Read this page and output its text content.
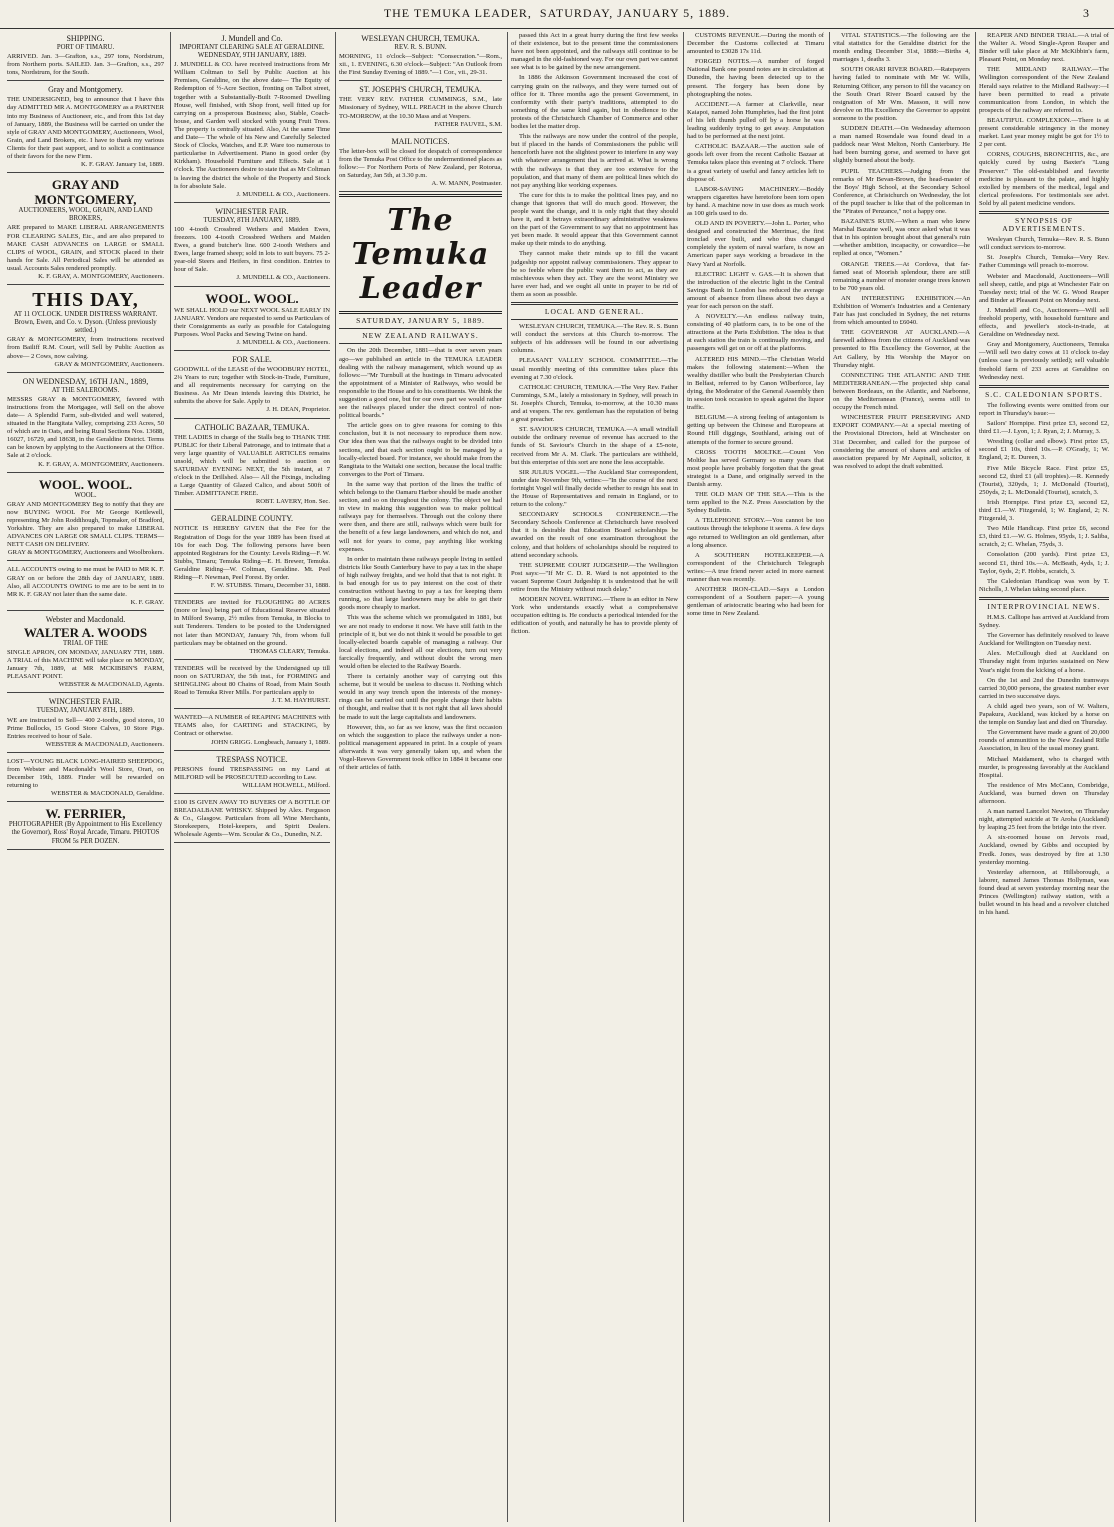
THE TEMUKA LEADER, SATURDAY, JANUARY 5, 1889.	3
SHIPPING.
PORT OF TIMARU.
ARRIVED. Jan. 3—Grafton, s.s., 297 tons, Nordstrum, from Northern ports. SAILED. Jan. 3—Grafton, s.s., 297 tons, Nordstrum, for the South.
Gray and Montgomery.
THE UNDERSIGNED, beg to announce that I have this day ADMITTED MR A. MONTGOMERY as a PARTNER into my Business of Auctioneer, etc., and from this 1st day of January, 1889, the Business will be carried on under the style of GRAY AND MONTGOMERY, Auctioneers, Wool, Grain, and Land Brokers, etc. I have to thank my various Clients for their past support, and to solicit a continuance of their favors for the new Firm.
K. F. GRAY. January 1st, 1889.
GRAY AND MONTGOMERY,
AUCTIONEERS, WOOL, GRAIN, AND LAND BROKERS,
ARE prepared to MAKE LIBERAL ARRANGEMENTS FOR CLEARING SALES, Etc., and are also prepared to MAKE CASH ADVANCES on LARGE or SMALL CLIPS of WOOL, GRAIN, and STOCK placed in their hands for Sale. All Periodical Sales will be attended as usual. Accounts Sales rendered promptly.
K. F. GRAY, A. MONTGOMERY, Auctioneers.
THIS DAY,
AT 11 O'CLOCK. UNDER DISTRESS WARRANT. Brown, Ewen, and Co. v. Dyson. (Unless previously settled.)
GRAY & MONTGOMERY, from instructions received from Bailiff R.M. Court, will Sell by Public Auction as above— 2 Cows, now calving.
GRAY & MONTGOMERY, Auctioneers.
ON WEDNESDAY, 16TH JAN., 1889,
AT THE SALEROOMS.
MESSRS GRAY & MONTGOMERY, favored with instructions from the Mortgagee, will Sell on the above date— A Splendid Farm, sub-divided and well watered, situated in the Hangitata Valley, comprising 233 Acres, 50 of which are in Oats, and being Rural Sections Nos. 13688, 16027, 16729, and 18638, in the Geraldine District. Terms can be known by applying to the Auctioneers at the Office. Sale at 2 o'clock.
K. F. GRAY, A. MONTGOMERY, Auctioneers.
WOOL. WOOL.
WOOL.
GRAY AND MONTGOMERY Beg to notify that they are now BUYING WOOL For Mr George Kettlewell, representing Mr John Roddihough, Topmaker, of Bradford, Yorkshire. They are also prepared to make LIBERAL ADVANCES ON LARGE OR SMALL CLIPS. TERMS—NETT CASH ON DELIVERY.
GRAY & MONTGOMERY, Auctioneers and Woolbrokers.
ALL ACCOUNTS owing to me must be PAID to MR K. F. GRAY on or before the 28th day of JANUARY, 1889. Also, all ACCOUNTS OWING to me are to be sent in to MR K. F. GRAY not later than the same date.
K. F. GRAY.
Webster and Macdonald.
WALTER A. WOODS
TRIAL OF THE
SINGLE APRON, ON MONDAY, JANUARY 7TH, 1889. A TRIAL of this MACHINE will take place on MONDAY, January 7th, 1889, at MR MCKIBBIN'S FARM, PLEASANT POINT.
WEBSTER & MACDONALD, Agents.
WINCHESTER FAIR.
TUESDAY, JANUARY 8TH, 1889.
WE are instructed to Sell— 400 2-tooths, good stores, 10 Prime Bullocks, 15 Good Store Calves, 10 Store Pigs. Entries received to hour of Sale.
WEBSTER & MACDONALD, Auctioneers.
LOST—YOUNG BLACK LONG-HAIRED SHEEPDOG, from Webster and Macdonald's Wool Store, Orari, on December 19th, 1889. Finder will be rewarded on returning to
WEBSTER & MACDONALD, Geraldine.
W. FERRIER,
PHOTOGRAPHER (By Appointment to His Excellency the Governor), Ross' Royal Arcade, Timaru. PHOTOS FROM 5s PER DOZEN.
J. Mundell and Co.
IMPORTANT CLEARING SALE AT GERALDINE. WEDNESDAY, 9TH JANUARY, 1889.
J. MUNDELL & CO. have received instructions from Mr William Coltman to Sell by Public Auction at his Premises, Geraldine, on the above date— The Equity of Redemption of ½-Acre Section, fronting on Talbot street, together with a Substantially-Built 7-Roomed Dwelling House, well finished, with Shop front, well fitted up for carrying on a prosperous Business; also, Stable, Coach-house, and Garden well stocked with young Fruit Trees. The property is centrally situated. Also, At the same Time and Date— The whole of his New and Carefully Selected Stock of Clocks, Watches, and E.P. Ware too numerous to particularise in Advertisement. Piano in good order (by Kirkham). Household Furniture and Effects. Sale at 1 o'clock. The Auctioneers desire to state that as Mr Coltman is leaving the district the whole of the Property and Stock is for absolute Sale.
J. MUNDELL & CO., Auctioneers.
WINCHESTER FAIR.
TUESDAY, 8TH JANUARY, 1889.
100 4-tooth Crossbred Wethers and Maiden Ewes, freezers. 100 4-tooth Crossbred Wethers and Maiden Ewes, a grand butcher's line. 600 2-tooth Wethers and Ewes, large framed sheep; sold in lots to suit buyers. 75 2-year-old Steers and Heifers, in first condition. Entries to hour of Sale.
J. MUNDELL & CO., Auctioneers.
WOOL. WOOL.
WE SHALL HOLD our NEXT WOOL SALE EARLY IN JANUARY. Vendors are requested to send us Particulars of their Consignments as early as possible for Cataloguing Purposes. Wool Packs and Sewing Twine on hand.
J. MUNDELL & CO., Auctioneers.
FOR SALE.
GOODWILL of the LEASE of the WOODBURY HOTEL, 2¼ Years to run; together with Stock-in-Trade, Furniture, and all requirements necessary for carrying on the Business. As Mr Dean intends leaving this District, he submits the above for Sale. Apply to
J. H. DEAN, Proprietor.
CATHOLIC BAZAAR, TEMUKA.
THE LADIES in charge of the Stalls beg to THANK THE PUBLIC for their Liberal Patronage, and to intimate that a very large quantity of VALUABLE ARTICLES remains unsold, which will be submitted to auction on SATURDAY EVENING NEXT, the 5th instant, at 7 o'clock in the Drillshed. Also— All the Fixings, including a Large Quantity of Glazed Calico, and about 500ft of Timber. ADMITTANCE FREE.
ROBT. LAVERY, Hon. Sec.
GERALDINE COUNTY.
NOTICE IS HEREBY GIVEN that the Fee for the Registration of Dogs for the year 1889 has been fixed at 10s for each Dog. The following persons have been appointed Registrars for the County: Levels Riding—F. W. Stubbs, Timaru; Temuka Riding—E. H. Brewer, Temuka. Geraldine Riding—W. Coltman, Geraldine. Mt. Peel Riding—F. Newman, Peel Forest. By order.
F. W. STUBBS. Timaru, December 31, 1888.
TENDERS are invited for FLOUGHING 80 ACRES (more or less) being part of Educational Reserve situated in Milford Swamp, 2½ miles from Temuka, in Blocks to suit Tenderers. Tenders to be posted to the Undersigned not later than MONDAY, January 7th, from whom full particulars may be obtained on the ground.
THOMAS CLEARY, Temuka.
TENDERS will be received by the Undersigned up till noon on SATURDAY, the 5th inst., for FORMING and SHINGLING about 80 Chains of Road, from Main South Road to Temuka River Mills. For particulars apply to
J. T. M. HAYHURST.
WANTED—A NUMBER of REAPING MACHINES with TEAMS also, for CARTING and STACKING, by Contract or otherwise.
JOHN GRIGG. Longbeach, January 1, 1889.
TRESPASS NOTICE.
PERSONS found TRESPASSING on my Land at MILFORD will be PROSECUTED according to Law.
WILLIAM HOLWELL, Milford.
£100 IS GIVEN AWAY TO BUYERS OF A BOTTLE OF BREADALBANE WHISKY. Shipped by Alex. Ferguson & Co., Glasgow. Particulars from all Wine Merchants, Storekeepers, Hotel-keepers, and Spirit Dealers. Wholesale Agents—Wm. Scoular & Co., Dunedin, N.Z.
WESLEYAN CHURCH, TEMUKA.
REV. R. S. BUNN.
MORNING, 11 o'clock—Subject: "Consecration."—Rom., xii., 1. EVENING, 6.30 o'clock—Subject: "An Outlook from the First Sunday Evening of 1889."—1 Cor., vii., 29-31.
ST. JOSEPH'S CHURCH, TEMUKA.
THE VERY REV. FATHER CUMMINGS, S.M., late Missionary of Sydney, WILL PREACH in the above Church TO-MORROW, at the 10.30 Mass and at Vespers.
FATHER FAUVEL, S.M.
MAIL NOTICES.
The letter-box will be closed for despatch of correspondence from the Temuka Post Office to the undermentioned places as follow:— For Northern Ports of New Zealand, per Rotorua, on Saturday, Jan 5th, at 3.30 p.m.
A. W. MANN, Postmaster.
The Temuka Leader
SATURDAY, JANUARY 5, 1889.
NEW ZEALAND RAILWAYS.

On the 20th December, 1881—that is over seven years ago—we published an article in the TEMUKA LEADER dealing with the railway management, which wound up as follows:—"Mr Turnbull at the hustings in Timaru advocated the appointment of a Minister of Railways, who would be responsible to the House and to his constituents. We think the suggestion a good one, but for our own part we would rather see the railways placed under the direct control of non-political boards."

The article goes on to give reasons for coming to this conclusion, but it is not necessary to reproduce them now. Our idea then was that the railways ought to be divided into sections, and that each section ought to be managed by a locally-elected board. For instance, we should make from the Rangitata to the Waitaki one section, because the local traffic converges to the Port of Timaru.

In the same way that portion of the lines the traffic of which belongs to the Oamaru Harbor should be made another section, and so on throughout the colony. The object we had in view in making this suggestion was to make political railways pay for themselves. Through out the colony there were then, and there are still, railways which were built for the benefit of a few large landowners, and which do not, and will not for years to come, pay anything like working expenses.

In order to maintain these railways people living in settled districts like South Canterbury have to pay a tax in the shape of high railway freights, and we hold that that is not right. It is bad enough for us to pay interest on the cost of their construction without having to pay a tax for keeping them running, so that large landowners may be able to get their goods more cheaply to market.

This was the scheme which we promulgated in 1881, but we are not ready to endorse it now. We have still faith in the principle of it, but we do not think it would be possible to get locally-elected boards capable of managing a railway. Our local elections, and indeed all our elections, turn out very farcically frequently, and without doubt the wrong men would often be elected to the Railway Boards.

There is certainly another way of carrying out this scheme, but it would be useless to discuss it. Nothing which would in any way trench upon the interests of the money-rings can be carried out until the people change their habits of thought, and realise that it is not right that all laws should be made to suit the large capitalists and landowners.

However, this, so far as we know, was the first occasion on which the suggestion to place the railways under a non-political management appeared in print. In a couple of years afterwards it was very generally taken up, and when the Vogel-Reeves Government took office in 1884 it became one of their articles of faith.

passed this Act in a great hurry during the first few weeks of their existence, but to the present time the commissioners have not been appointed, and the railways still continue to be managed in the old-fashioned way. For our own part we cannot see what is to be gained by the new arrangement.

In 1886 the Atkinson Government increased the cost of carrying grain on the railways, and they were turned out of office for it. Three months ago the present Government, in conformity with their party's traditions, attempted to do something of the same kind again, but in obedience to the protests of the Christchurch Chamber of Commerce and other bodies let the matter drop.

This the railways are now under the control of the people, but if placed in the hands of Commissioners the public will henceforth have not the slightest power to interfere in any way with whatever arrangement that is arrived at. What is wrong with the railways is that they are too extensive for the population, and that many of them are political lines which do not pay anything like working expenses.

The cure for this is to make the political lines pay, and no change that ignores that will do much good. However, the people want the change, and it is only right that they should have it, and it betrays extraordinary administrative weakness on the part of the Government to say that no appointment has yet been made. It would appear that this Government cannot make up their minds to do anything.

They cannot make their minds up to fill the vacant judgeship nor appoint railway commissioners. They appear to be so feeble where the public want them to act, as they are mischievous when they act. They are the worst Ministry we have ever had, and we ought all unite in prayer to be rid of them as soon as possible.

LOCAL AND GENERAL.

WESLEYAN CHURCH, TEMUKA.—The Rev. R. S. Bunn will conduct the services at this Church to-morrow. The subjects of his addresses will be found in our advertising columns.

PLEASANT VALLEY SCHOOL COMMITTEE.—The usual monthly meeting of this committee takes place this evening at 7.30 o'clock.

CATHOLIC CHURCH, TEMUKA.—The Very Rev. Father Cummings, S.M., lately a missionary in Sydney, will preach in St. Joseph's Church, Temuka, to-morrow, at the 10.30 mass and at vespers. The rev. gentleman has the reputation of being a great preacher.

ST. SAVIOUR'S CHURCH, TEMUKA.—A small windfall outside the ordinary revenue of revenue has accrued to the funds of St. Saviour's Church in the shape of a £5-note, received from Mr A. M. Clark. The particulars are withheld, but this enterprise of this sort are none the less acceptable.

SIR JULIUS VOGEL.—The Auckland Star correspondent, under date November 9th, writes:—"In the course of the next fortnight Vogel will finally decide whether to resign his seat in the House of Representatives and remain in England, or to return to the colony."

SECONDARY SCHOOLS CONFERENCE.—The Secondary Schools Conference at Christchurch have resolved that it is desirable that Education Board scholarships be awarded on the result of one examination throughout the colony, and that holders of scholarships should be required to attend secondary schools.

THE SUPREME COURT JUDGESHIP.—The Wellington Post says:—"If Mr C. D. R. Ward is not appointed to the vacant Supreme Court Judgeship it is understood that he will retire from the Ministry without much delay."

MODERN NOVEL WRITING.—There is an editor in New York who understands exactly what a comprehensive occupation editing is. He conducts a periodical intended for the edification of youth, and naturally he has to provide plenty of fiction.

CUSTOMS REVENUE.—During the month of December the Customs collected at Timaru amounted to £3028 17s 11d.

FORGED NOTES.—A number of forged National Bank one pound notes are in circulation at Dunedin, the having been detected up to the present. The forgery has been done by photographing the notes.

ACCIDENT.—A farmer at Clarkville, near Kaiapoi, named John Humphries, had the first joint of his left thumb pulled off by a horse he was leading suddenly trying to get away. Amputation had to be performed at the next joint.

CATHOLIC BAZAAR.—The auction sale of goods left over from the recent Catholic Bazaar at Temuka takes place this evening at 7 o'clock. There is a great variety of useful and fancy articles left to dispose of.

LABOR-SAVING MACHINERY.—Boddy wrappers cigarettes have heretofore been torn open by hand. A machine now in use does as much work as 100 girls used to do.

OLD AND IN POVERTY.—John L. Porter, who designed and constructed the Merrimac, the first ironclad ever built, and who thus changed completely the system of naval warfare, is now an American paper says working a broadaxe in the Navy Yard at Norfolk.

ELECTRIC LIGHT v. GAS.—It is shown that the introduction of the electric light in the Central Savings Bank in London has reduced the average amount of absence from illness about two days a year for each person on the staff.

A NOVELTY.—An endless railway train, consisting of 40 platform cars, is to be one of the attractions at the Paris Exhibition. The idea is that at each station the train is continually moving, and passengers will get on or off at the platforms.

ALTERED HIS MIND.—The Christian World makes the following statement:—When the wealthy distiller who built the Presbyterian Church in Belfast, referred to by Canon Wilberforce, lay dying, the Moderator of the General Assembly then in session took occasion to speak against the liquor traffic.

BELGIUM.—A strong feeling of antagonism is getting up between the Chinese and Europeans at Round Hill diggings, Southland, arising out of attempts of the former to secure ground.

CROSS TOOTH MOLTKE.—Count Von Moltke has served Germany so many years that most people have probably forgotten that the great strategist is a Dane, and originally served in the Danish army.

THE OLD MAN OF THE SEA.—This is the term applied to the N.Z. Press Association by the Sydney Bulletin.

A TELEPHONE STORY.—You cannot be too cautious through the telephone it seems. A few days ago returned to Wellington an old gentleman, after a long absence.

A SOUTHERN HOTELKEEPER.—A correspondent of the Christchurch Telegraph writes:—A true friend never acted in more earnest manner than was recently.

ANOTHER IRON-CLAD.—Says a London correspondent of a Southern paper:—A young gentleman of aristocratic bearing who had been for some time in New Zealand.

VITAL STATISTICS.—The following are the vital statistics for the Geraldine district for the month ending December 31st, 1888:—Births 4, marriages 1, deaths 3.

SOUTH ORARI RIVER BOARD.—Ratepayers having failed to nominate with Mr W. Wills, Returning Officer, any person to fill the vacancy on the South Orari River Board caused by the resignation of Mr Wm. Masson, it will now devolve on His Excellency the Governor to appoint someone to the position.

SUDDEN DEATH.—On Wednesday afternoon a man named Rosendale was found dead in a paddock near West Melton, North Canterbury. He had been burning gorse, and seemed to have got slightly burned about the body.

PUPIL TEACHERS.—Judging from the remarks of Mr Bevan-Brown, the head-master of the Boys' High School, at the Secondary School Conference, at Christchurch on Wednesday, the lot of the pupil teacher is like that of the policeman in the "Pirates of Penzance," not a happy one.

BAZAINE'S RUIN.—When a man who knew Marshal Bazaine well, was once asked what it was that in his opinion brought about that general's ruin—whether ambition, incapacity, or cowardice—he replied at once, "Women."

ORANGE TREES.—At Cordova, that far-famed seat of Moorish splendour, there are still remaining a number of monster orange trees known to be 700 years old.

AN INTERESTING EXHIBITION.—An Exhibition of Women's Industries and a Centenary Fair has just concluded in Sydney, the net returns from which amounted to £6040.

THE GOVERNOR AT AUCKLAND.—A farewell address from the citizens of Auckland was presented to His Excellency the Governor, at the Art Gallery, by His Worship the Mayor on Thursday night.

CONNECTING THE ATLANTIC AND THE MEDITERRANEAN.—The projected ship canal between Bordeaux, on the Atlantic, and Narbonne, on the Mediterranean (France), seems still to occupy the French mind.

WINCHESTER FRUIT PRESERVING AND EXPORT COMPANY.—At a special meeting of the Provisional Directors, held at Winchester on 31st December, and called for the purpose of considering the amount of shares and articles of association prepared by Mr Aspinall, solicitor, it was resolved to adopt the draft submitted.

REAPER AND BINDER TRIAL.—A trial of the Walter A. Wood Single-Apron Reaper and Binder will take place at Mr McKibbin's farm, Pleasant Point, on Monday next.

THE MIDLAND RAILWAY.—The Wellington correspondent of the New Zealand Herald says relative to the Midland Railway:—I have been permitted to read a private communication from London, in which the prospects of the railway are referred to.

BEAUTIFUL COMPLEXION.—There is at present considerable stringency in the money market. Last year money might be got for 1½ to 2 per cent.

CORNS, COUGHS, BRONCHITIS, &c., are quickly cured by using Baxter's "Lung Preserver." The old-established and favorite medicine is pleasant to the palate, and highly extolled by members of the medical, legal and clerical professions. For testimonials see advt. Sold by all patent medicine vendors.

SYNOPSIS OF ADVERTISEMENTS.

Wesleyan Church, Temuka—Rev. R. S. Bunn will conduct services to-morrow.

St. Joseph's Church, Temuka—Very Rev. Father Cummings will preach to-morrow.

Webster and Macdonald, Auctioneers—Will sell sheep, cattle, and pigs at Winchester Fair on Tuesday next; trial of the W. G. Wood Reaper and Binder at Pleasant Point on Monday next.

J. Mundell and Co., Auctioneers—Will sell freehold property, with household furniture and effects, and jeweller's stock-in-trade, at Geraldine on Wednesday next.

Gray and Montgomery, Auctioneers, Temuka—Will sell two dairy cows at 11 o'clock to-day (unless case is previously settled); sell valuable freehold farm of 233 acres at Geraldine on Wednesday next.

S.C. CALEDONIAN SPORTS.

The following events were omitted from our report in Thursday's issue:—

Sailors' Hornpipe. First prize £3, second £2, third £1.—J. Lyon, 1; J. Ryan, 2; J. Murray, 3.

Wrestling (collar and elbow). First prize £5, second £1 10s, third 10s.—P. O'Grady, 1; W. England, 2; E. Dureen, 3.

Five Mile Bicycle Race. First prize £5, second £2, third £1 (all trophies).—R. Kennedy (Tourist), 320yds, 1; J. McDonald (Tourist), 250yds, 2; L. McDonald (Tourist), scratch, 3.

Irish Hornpipe. First prize £3, second £2, third £1.—W. Fitzgerald, 1; W. England, 2; N. Fitzgerald, 3.

Two Mile Handicap. First prize £6, second £3, third £1.—W. G. Holmes, 95yds, 1; J. Saliba, scratch, 2; C. Whelan, 75yds, 3.

Consolation (200 yards). First prize £3, second £1, third 10s.—A. McBeath, 4yds, 1; J. Taylor, 6yds, 2; F. Hobbs, scratch, 3.

The Caledonian Handicap was won by T. Nicholls, J. Whelan taking second place.

INTERPROVINCIAL NEWS.

H.M.S. Calliope has arrived at Auckland from Sydney.

The Governor has definitely resolved to leave Auckland for Wellington on Tuesday next.

Alex. McCullough died at Auckland on Thursday night from injuries sustained on New Year's night from the kicking of a horse.

On the 1st and 2nd the Dunedin tramways carried 30,000 persons, the greatest number ever carried in two successive days.

A child aged two years, son of W. Walters, Papakura, Auckland, was kicked by a horse on the temple on Sunday last and died on Thursday.

The Government have made a grant of 20,000 rounds of ammunition to the New Zealand Rifle Association, in lieu of the usual money grant.

Michael Maidament, who is charged with murder, is progressing favorably at the Auckland Hospital.

The residence of Mrs McCann, Combridge, Auckland, was burned down on Thursday afternoon.

A man named Lancelot Newton, on Thursday night, attempted suicide at Te Aroha (Auckland) by leaping 25 feet from the bridge into the river.

A six-roomed house on Jervois road, Auckland, owned by Gibbs and occupied by Fredk. Jones, was destroyed by fire at 1.30 yesterday morning.

Yesterday afternoon, at Hillsborough, a laborer, named James Thomas Hollyman, was found dead at seven yesterday morning near the Princes (Wellington) railway station, with a bullet wound in his head and a revolver clutched in his hand.
